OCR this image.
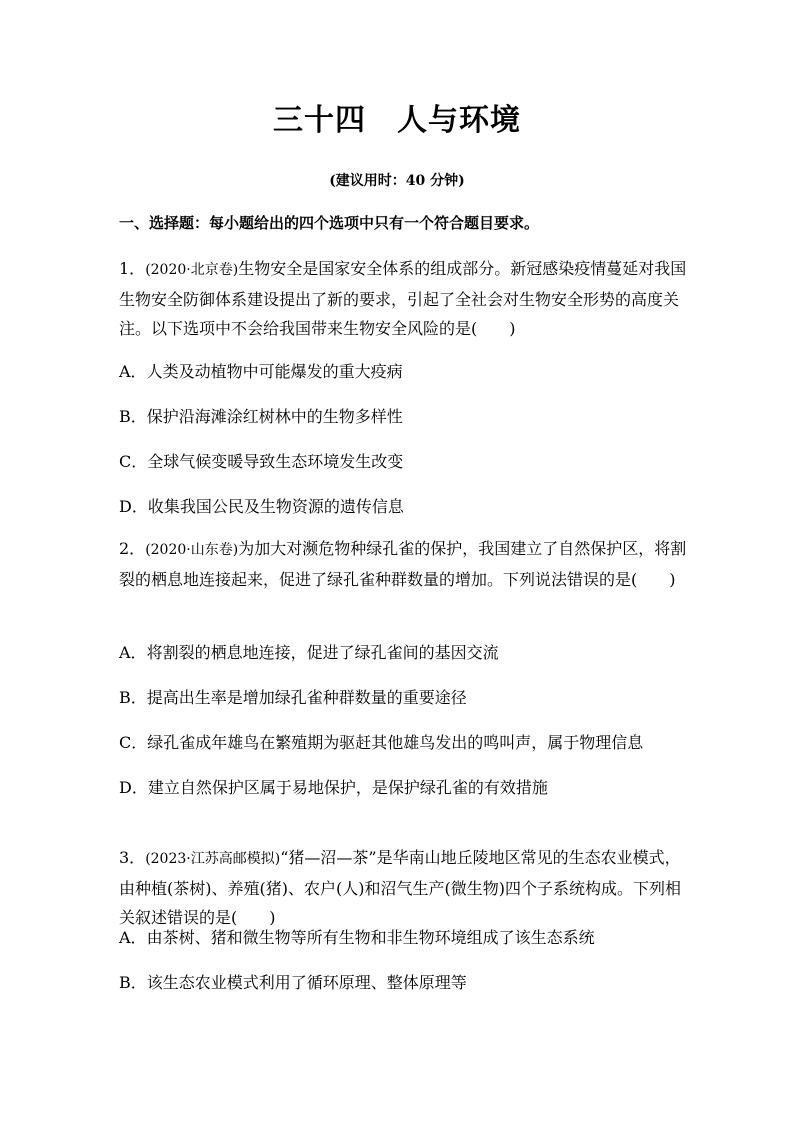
三十四　人与环境
(建议用时：40 分钟)
一、选择题：每小题给出的四个选项中只有一个符合题目要求。
1．(2020·北京卷)生物安全是国家安全体系的组成部分。新冠感染疫情蔓延对我国生物安全防御体系建设提出了新的要求，引起了全社会对生物安全形势的高度关注。以下选项中不会给我国带来生物安全风险的是(　　)
A．人类及动植物中可能爆发的重大疫病
B．保护沿海滩涂红树林中的生物多样性
C．全球气候变暖导致生态环境发生改变
D．收集我国公民及生物资源的遗传信息
2．(2020·山东卷)为加大对濒危物种绿孔雀的保护，我国建立了自然保护区，将割裂的栖息地连接起来，促进了绿孔雀种群数量的增加。下列说法错误的是(　　)
A．将割裂的栖息地连接，促进了绿孔雀间的基因交流
B．提高出生率是增加绿孔雀种群数量的重要途径
C．绿孔雀成年雄鸟在繁殖期为驱赶其他雄鸟发出的鸣叫声，属于物理信息
D．建立自然保护区属于易地保护，是保护绿孔雀的有效措施
3．(2023·江苏高邮模拟)“猪—沼—茶”是华南山地丘陵地区常见的生态农业模式，由种植(茶树)、养殖(猪)、农户(人)和沼气生产(微生物)四个子系统构成。下列相关叙述错误的是(　　)
A．由茶树、猪和微生物等所有生物和非生物环境组成了该生态系统
B．该生态农业模式利用了循环原理、整体原理等
